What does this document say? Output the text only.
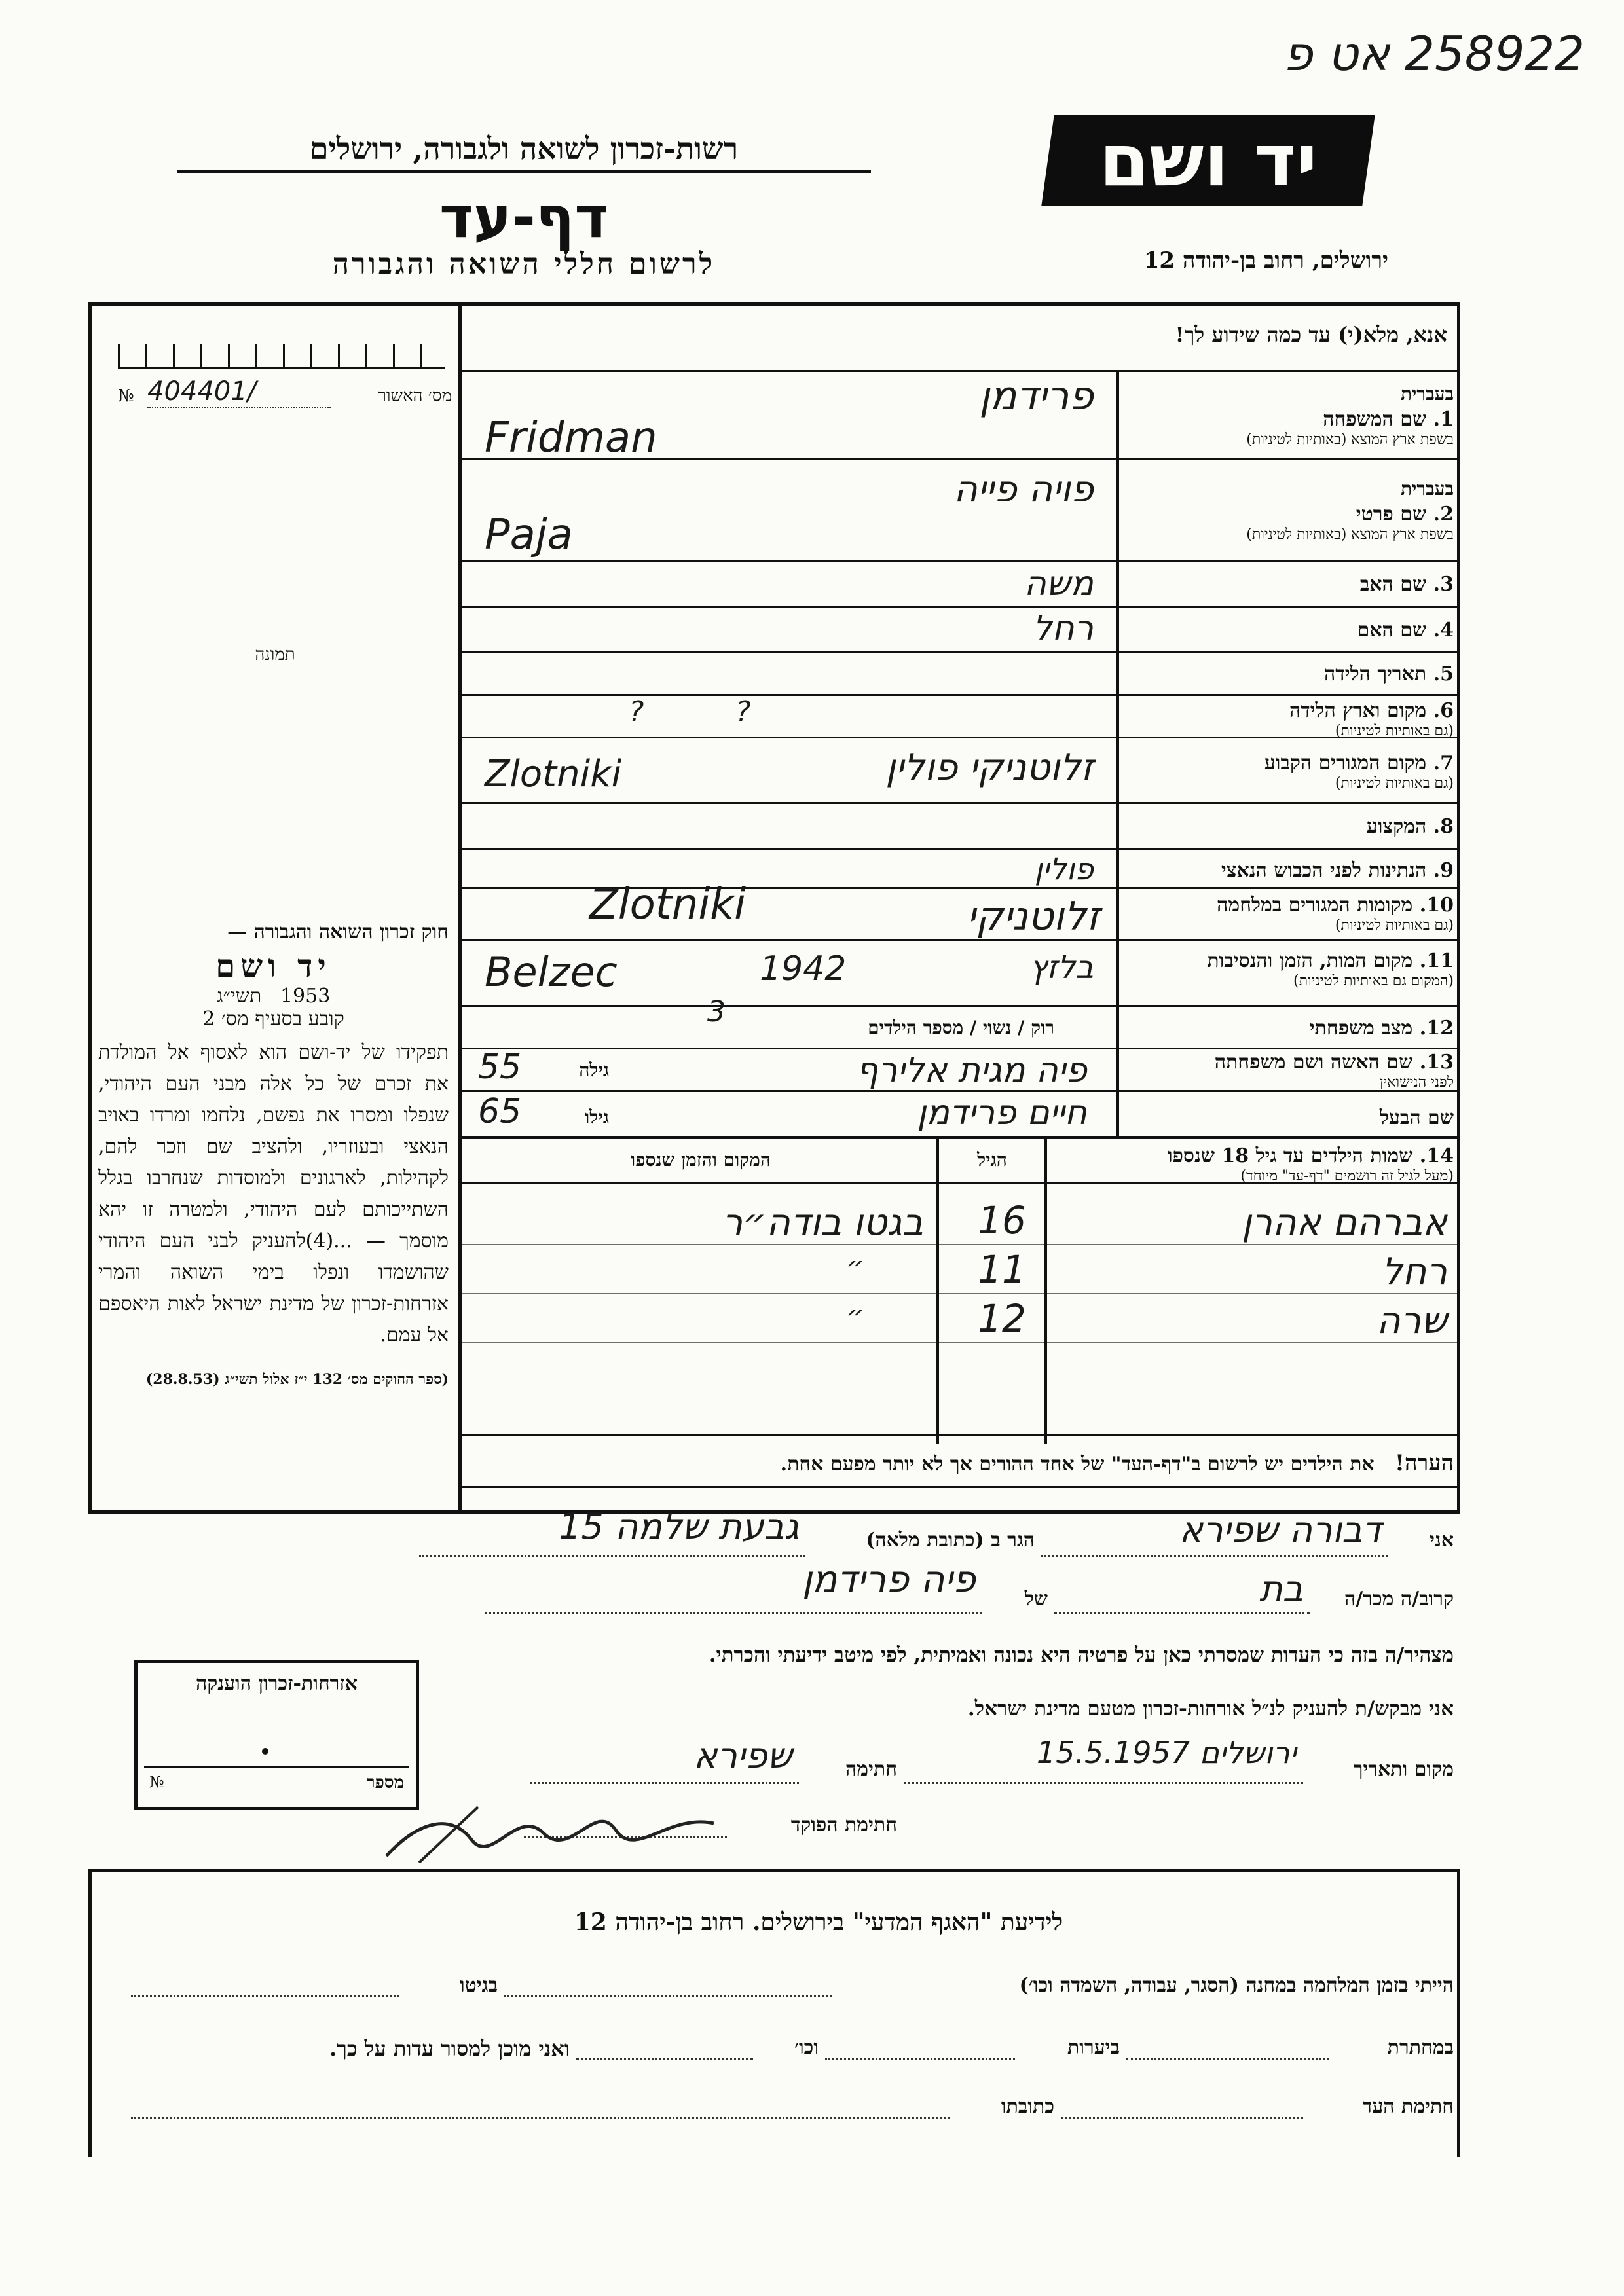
258922 אט פ
יד ושם
רשות-זכרון לשואה ולגבורה, ירושלים
דף-עד
לרשום חללי השואה והגבורה	ירושלים, רחוב בן-יהודה 12
אנא, מלא(י) עד כמה שידוע לך!
מס׳ האשור
№ 404401/
תמונה
בעברית
1. שם המשפחה
בשפת ארץ המוצא (באותיות לטיניות)
פרידמן
Fridman
בעברית
2. שם פרטי
בשפת ארץ המוצא (באותיות לטיניות)
פויה פייה
Paja
3. שם האב
משה
4. שם האם
רחל
5. תאריך הלידה
6. מקום וארץ הלידה
(גם באותיות לטיניות)
?          ?
7. מקום המגורים הקבוע
(גם באותיות לטיניות)
זלוטניקי פולין
Zlotniki
8. המקצוע
9. הנתינות לפני הכבוש הנאצי
פולין
10. מקומות המגורים במלחמה
(גם באותיות לטיניות)
זלוטניקי
Zlotniki
11. מקום המות, הזמן והנסיבות
(המקום גם באותיות לטיניות)
בלזץ
1942
Belzec
12. מצב משפחתי
רוק / נשוי / מספר הילדים
3
13. שם האשה ושם משפחתה
לפני הנישואין
פיה מגית אלירף
גילה
55
שם הבעל
חיים פרידמן
גילו
65
14. שמות הילדים עד גיל 18 שנספו
(מעל לגיל זה רושמים "דף-עד" מיוחד)
הגיל
המקום והזמן שנספו
אברהם אהרן
16
בגטו בודה״ר
רחל
11
״
שרה
12
״
הערה!   את הילדים יש לרשום ב"דף-העד" של אחד ההורים אך לא יותר מפעם אחת.
חוק זכרון השואה והגבורה —
יד ושם
1953   תשי״ג
קובע בסעיף מס׳ 2
תפקידו של יד-ושם הוא לאסוף אל המולדת את זכרם של כל אלה מבני העם היהודי, שנפלו ומסרו את נפשם, נלחמו ומרדו באויב הנאצי ובעוזריו, ולהציב שם וזכר להם, לקהילות, לארגונים ולמוסדות שנחרבו בגלל השתייכותם לעם היהודי, ולמטרה זו יהא מוסמך — ...(4)להעניק לבני העם היהודי שהושמדו ונפלו בימי השואה והמרי אזרחות-זכרון של מדינת ישראל לאות היאספם אל עמם.
(ספר החוקים מס׳ 132 י״ז אלול תשי״ג (28.8.53)
אני
דבורה שפירא
הגר ב (כתובת מלאה)
גבעת שלמה 15
קרוב/ה מכר/ה
בת
של
פיה פרידמן
מצהיר/ה בזה כי העדות שמסרתי כאן על פרטיה היא נכונה ואמיתית, לפי מיטב ידיעתי והכרתי.
אני מבקש/ת להעניק לנ״ל אורחות-זכרון מטעם מדינת ישראל.
מקום ותאריך
ירושלים 15.5.1957
חתימה
שפירא
חתימת הפוקד
אזרחות-זכרון הוענקה
№	מספר
לידיעת "האגף המדעי" בירושלים. רחוב בן-יהודה 12
הייתי בזמן המלחמה במחנה (הסגר, עבודה, השמדה וכו׳)
בגיטו
במחתרת
ביערות
וכו׳
ואני מוכן למסור עדות על כך.
חתימת העד
כתובתו
